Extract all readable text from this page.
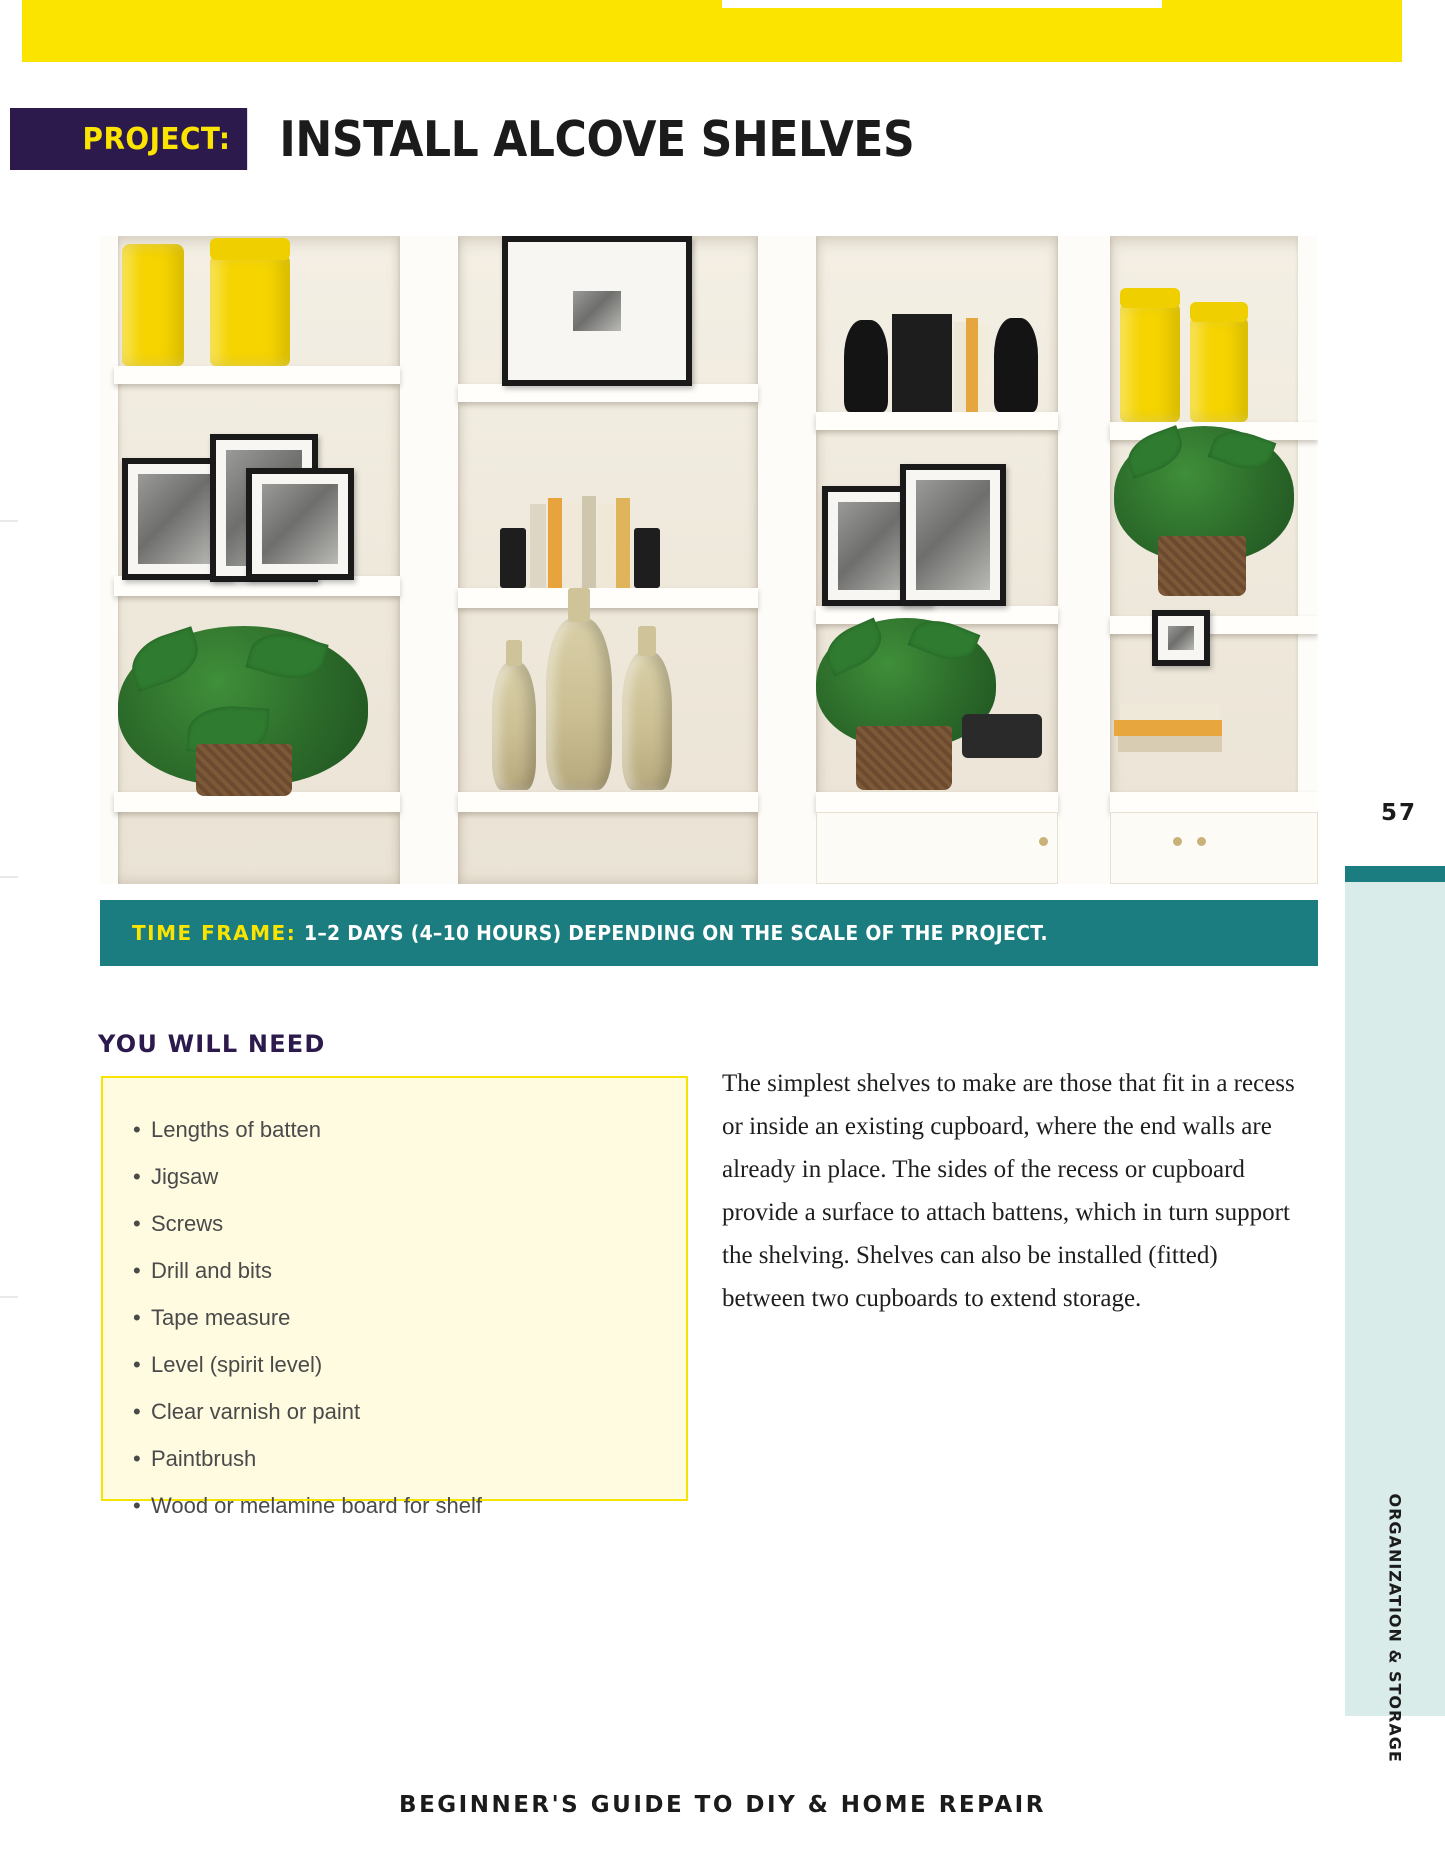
PROJECT: INSTALL ALCOVE SHELVES
TIME FRAME: 1–2 DAYS (4–10 HOURS) DEPENDING ON THE SCALE OF THE PROJECT.
YOU WILL NEED
• Lengths of batten
• Jigsaw
• Screws
• Drill and bits
• Tape measure
• Level (spirit level)
• Clear varnish or paint
• Paintbrush
• Wood or melamine board for shelf
The simplest shelves to make are those that fit in a recess or inside an existing cupboard, where the end walls are already in place. The sides of the recess or cupboard provide a surface to attach battens, which in turn support the shelving. Shelves can also be installed (fitted) between two cupboards to extend storage.
57
BEGINNER'S GUIDE TO DIY & HOME REPAIR
